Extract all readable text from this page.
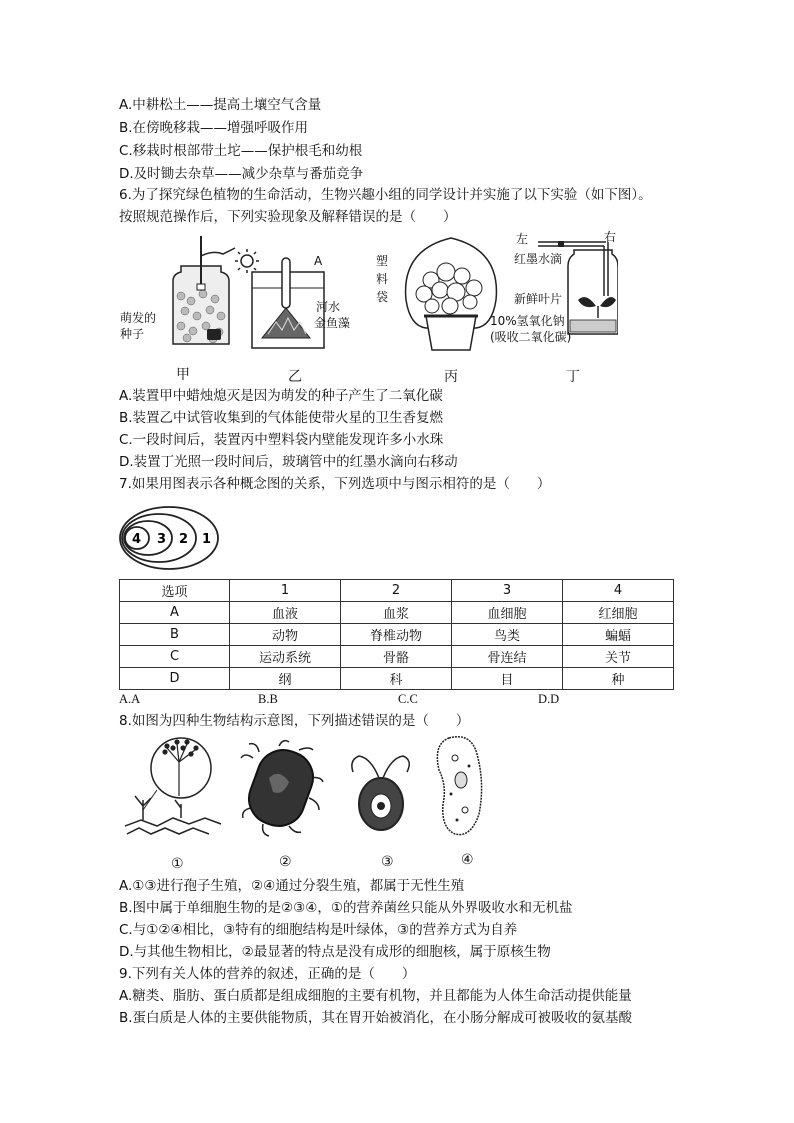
A.中耕松土——提高土壤空气含量
B.在傍晚移栽——增强呼吸作用
C.移栽时根部带土坨——保护根毛和幼根
D.及时锄去杂草——减少杂草与番茄竞争
6.为了探究绿色植物的生命活动，生物兴趣小组的同学设计并实施了以下实验（如下图）。
按照规范操作后，下列实验现象及解释错误的是（　　）
萌发的
种子
A
河水
金鱼藻
塑
料
袋
左	右
红墨水滴
新鲜叶片
10%氢氧化钠
(吸收二氧化碳)
甲	乙	丙	丁
A.装置甲中蜡烛熄灭是因为萌发的种子产生了二氧化碳
B.装置乙中试管收集到的气体能使带火星的卫生香复燃
C.一段时间后，装置丙中塑料袋内壁能发现许多小水珠
D.装置丁光照一段时间后，玻璃管中的红墨水滴向右移动
7.如果用图表示各种概念图的关系，下列选项中与图示相符的是（　　）
4 3 2 1
选项	1	2	3	4
A	血液	血浆	血细胞	红细胞
B	动物	脊椎动物	鸟类	蝙蝠
C	运动系统	骨骼	骨连结	关节
D	纲	科	目	种
A.A	B.B	C.C	D.D
8.如图为四种生物结构示意图，下列描述错误的是（　　）
①	②	③	④
A.①③进行孢子生殖，②④通过分裂生殖，都属于无性生殖
B.图中属于单细胞生物的是②③④，①的营养菌丝只能从外界吸收水和无机盐
C.与①②④相比，③特有的细胞结构是叶绿体，③的营养方式为自养
D.与其他生物相比，②最显著的特点是没有成形的细胞核，属于原核生物
9.下列有关人体的营养的叙述，正确的是（　　）
A.糖类、脂肪、蛋白质都是组成细胞的主要有机物，并且都能为人体生命活动提供能量
B.蛋白质是人体的主要供能物质，其在胃开始被消化，在小肠分解成可被吸收的氨基酸
